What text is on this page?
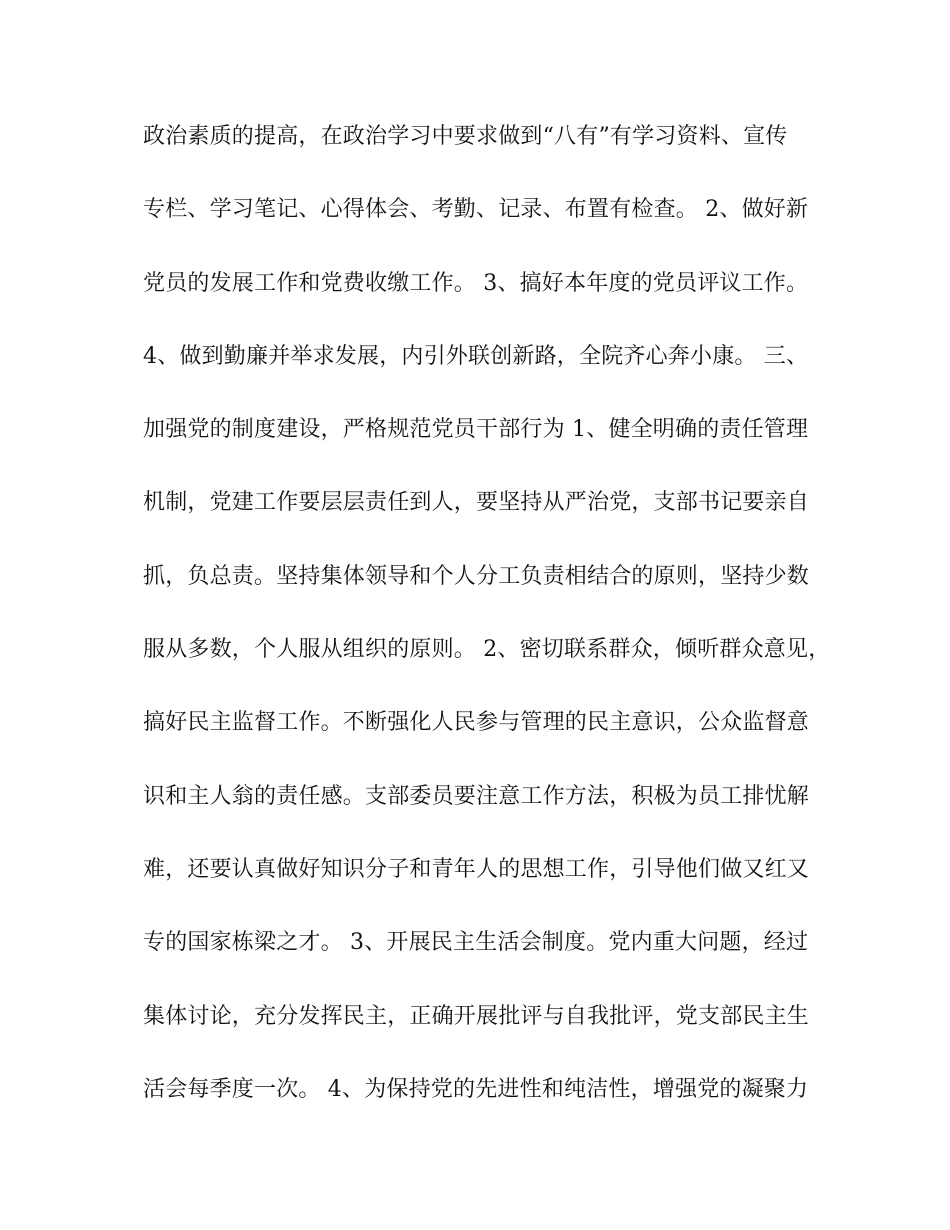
政治素质的提高，在政治学习中要求做到“八有”有学习资料、宣传

专栏、学习笔记、心得体会、考勤、记录、布置有检查。 2、做好新

党员的发展工作和党费收缴工作。 3、搞好本年度的党员评议工作。

4、做到勤廉并举求发展，内引外联创新路，全院齐心奔小康。 三、

加强党的制度建设，严格规范党员干部行为 1、健全明确的责任管理

机制，党建工作要层层责任到人，要坚持从严治党，支部书记要亲自

抓，负总责。坚持集体领导和个人分工负责相结合的原则，坚持少数

服从多数，个人服从组织的原则。 2、密切联系群众，倾听群众意见，

搞好民主监督工作。不断强化人民参与管理的民主意识，公众监督意

识和主人翁的责任感。支部委员要注意工作方法，积极为员工排忧解

难，还要认真做好知识分子和青年人的思想工作，引导他们做又红又

专的国家栋梁之才。 3、开展民主生活会制度。党内重大问题，经过

集体讨论，充分发挥民主，正确开展批评与自我批评，党支部民主生

活会每季度一次。 4、为保持党的先进性和纯洁性，增强党的凝聚力
